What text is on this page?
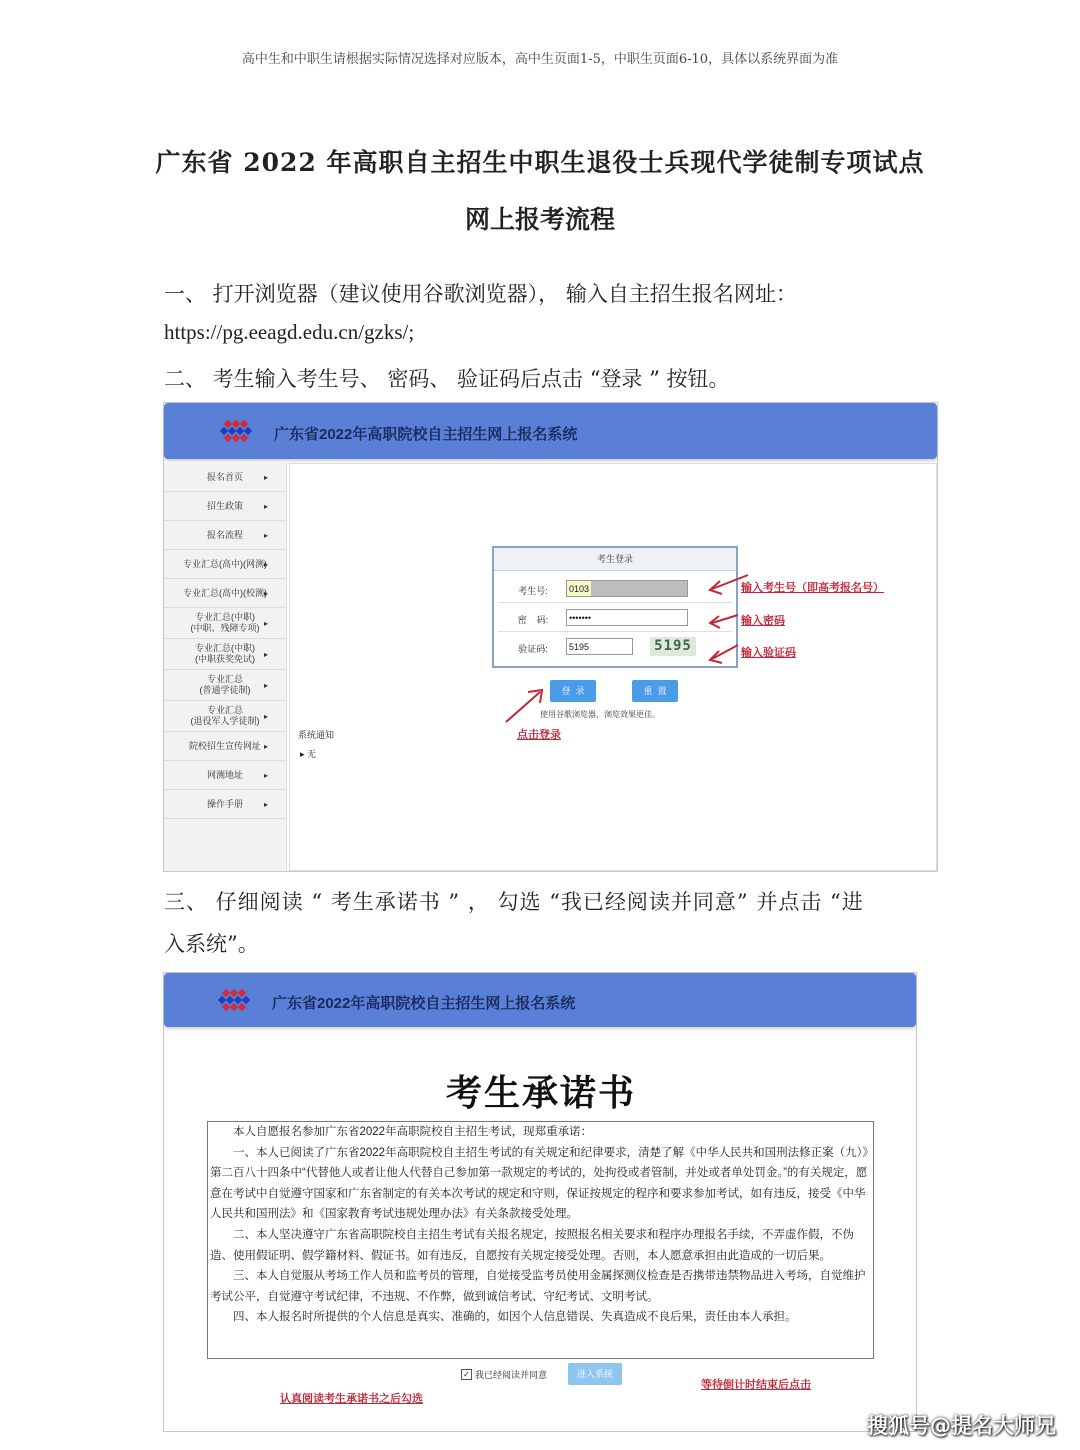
高中生和中职生请根据实际情况选择对应版本，高中生页面1-5，中职生页面6-10，具体以系统界面为准
广东省 2022 年高职自主招生中职生退役士兵现代学徒制专项试点
网上报考流程
一、 打开浏览器（建议使用谷歌浏览器）， 输入自主招生报名网址：
https://pg.eeagd.edu.cn/gzks/;
二、 考生输入考生号、 密码、 验证码后点击 “登录 ” 按钮。
广东省2022年高职院校自主招生网上报名系统
报名首页 ▸
招生政策 ▸
报名流程 ▸
专业汇总(高中)(网测) ▸
专业汇总(高中)(校测) ▸
专业汇总(中职)
(中职、残障专项) ▸
专业汇总(中职)
(中职获奖免试) ▸
专业汇总
(普通学徒制) ▸
专业汇总
(退役军人学徒制) ▸
院校招生宣传网址 ▸
网测地址 ▸
操作手册 ▸
系统通知
▸ 无
考生登录
考生号:	0103
密    码:	•••••••
验证码:	5195	5195
登  录	重  置
使用谷歌浏览器，浏览效果更佳。
输入考生号（即高考报名号）
输入密码
输入验证码
点击登录
三、 仔细阅读 “ 考生承诺书 ” ， 勾选 “我已经阅读并同意” 并点击 “进
入系统”。
广东省2022年高职院校自主招生网上报名系统
考生承诺书

本人自愿报名参加广东省2022年高职院校自主招生考试，现郑重承诺：

一、本人已阅读了广东省2022年高职院校自主招生考试的有关规定和纪律要求，清楚了解《中华人民共和国刑法修正案（九）》第二百八十四条中“代替他人或者让他人代替自己参加第一款规定的考试的，处拘役或者管制，并处或者单处罚金。”的有关规定，愿意在考试中自觉遵守国家和广东省制定的有关本次考试的规定和守则，保证按规定的程序和要求参加考试，如有违反，接受《中华人民共和国刑法》和《国家教育考试违规处理办法》有关条款接受处理。

二、本人坚决遵守广东省高职院校自主招生考试有关报名规定，按照报名相关要求和程序办理报名手续，不弄虚作假，不伪造、使用假证明、假学籍材料、假证书。如有违反，自愿按有关规定接受处理。否则，本人愿意承担由此造成的一切后果。

三、本人自觉服从考场工作人员和监考员的管理，自觉接受监考员使用金属探测仪检查是否携带违禁物品进入考场，自觉维护考试公平，自觉遵守考试纪律，不违规、不作弊，做到诚信考试、守纪考试、文明考试。

四、本人报名时所提供的个人信息是真实、准确的，如因个人信息错误、失真造成不良后果，责任由本人承担。

✓ 我已经阅读并同意	进入系统
认真阅读考生承诺书之后勾选
等待倒计时结束后点击
搜狐号@提名大师兄
